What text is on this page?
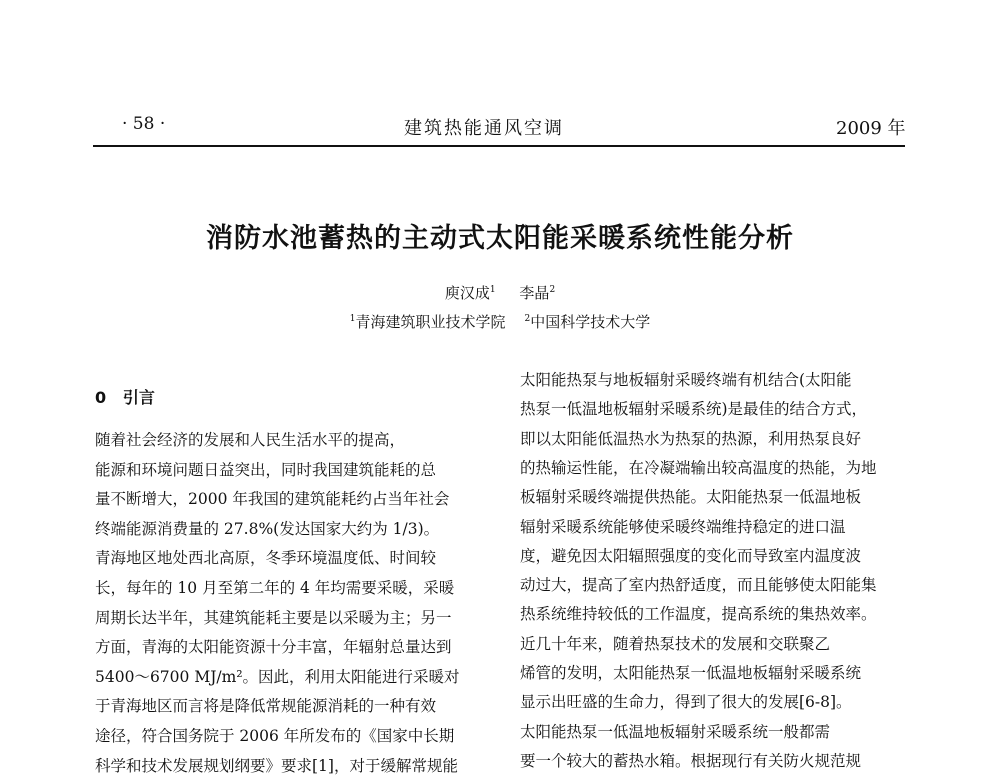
· 58 ·	建筑热能通风空调	2009 年
消防水池蓄热的主动式太阳能采暖系统性能分析
庾汉成$^1$ 李晶$^2$
$^1$青海建筑职业技术学院 $^2$中国科学技术大学
0 引言
随着社会经济的发展和人民生活水平的提高，
能源和环境问题日益突出，同时我国建筑能耗的总
量不断增大，2000 年我国的建筑能耗约占当年社会
终端能源消费量的 27.8%(发达国家大约为 1/3)。
青海地区地处西北高原，冬季环境温度低、时间较
长，每年的 10 月至第二年的 4 年均需要采暖，采暖
周期长达半年，其建筑能耗主要是以采暖为主；另一
方面，青海的太阳能资源十分丰富，年辐射总量达到
5400～6700 MJ/m²。因此，利用太阳能进行采暖对
于青海地区而言将是降低常规能源消耗的一种有效
途径，符合国务院于 2006 年所发布的《国家中长期
科学和技术发展规划纲要》要求[1]，对于缓解常规能
太阳能热泵与地板辐射采暖终端有机结合(太阳能
热泵一低温地板辐射采暖系统)是最佳的结合方式，
即以太阳能低温热水为热泵的热源，利用热泵良好
的热输运性能，在冷凝端输出较高温度的热能，为地
板辐射采暖终端提供热能。太阳能热泵一低温地板
辐射采暖系统能够使采暖终端维持稳定的进口温
度，避免因太阳辐照强度的变化而导致室内温度波
动过大，提高了室内热舒适度，而且能够使太阳能集
热系统维持较低的工作温度，提高系统的集热效率。
近几十年来，随着热泵技术的发展和交联聚乙
烯管的发明，太阳能热泵一低温地板辐射采暖系统
显示出旺盛的生命力，得到了很大的发展[6-8]。
太阳能热泵一低温地板辐射采暖系统一般都需
要一个较大的蓄热水箱。根据现行有关防火规范规
